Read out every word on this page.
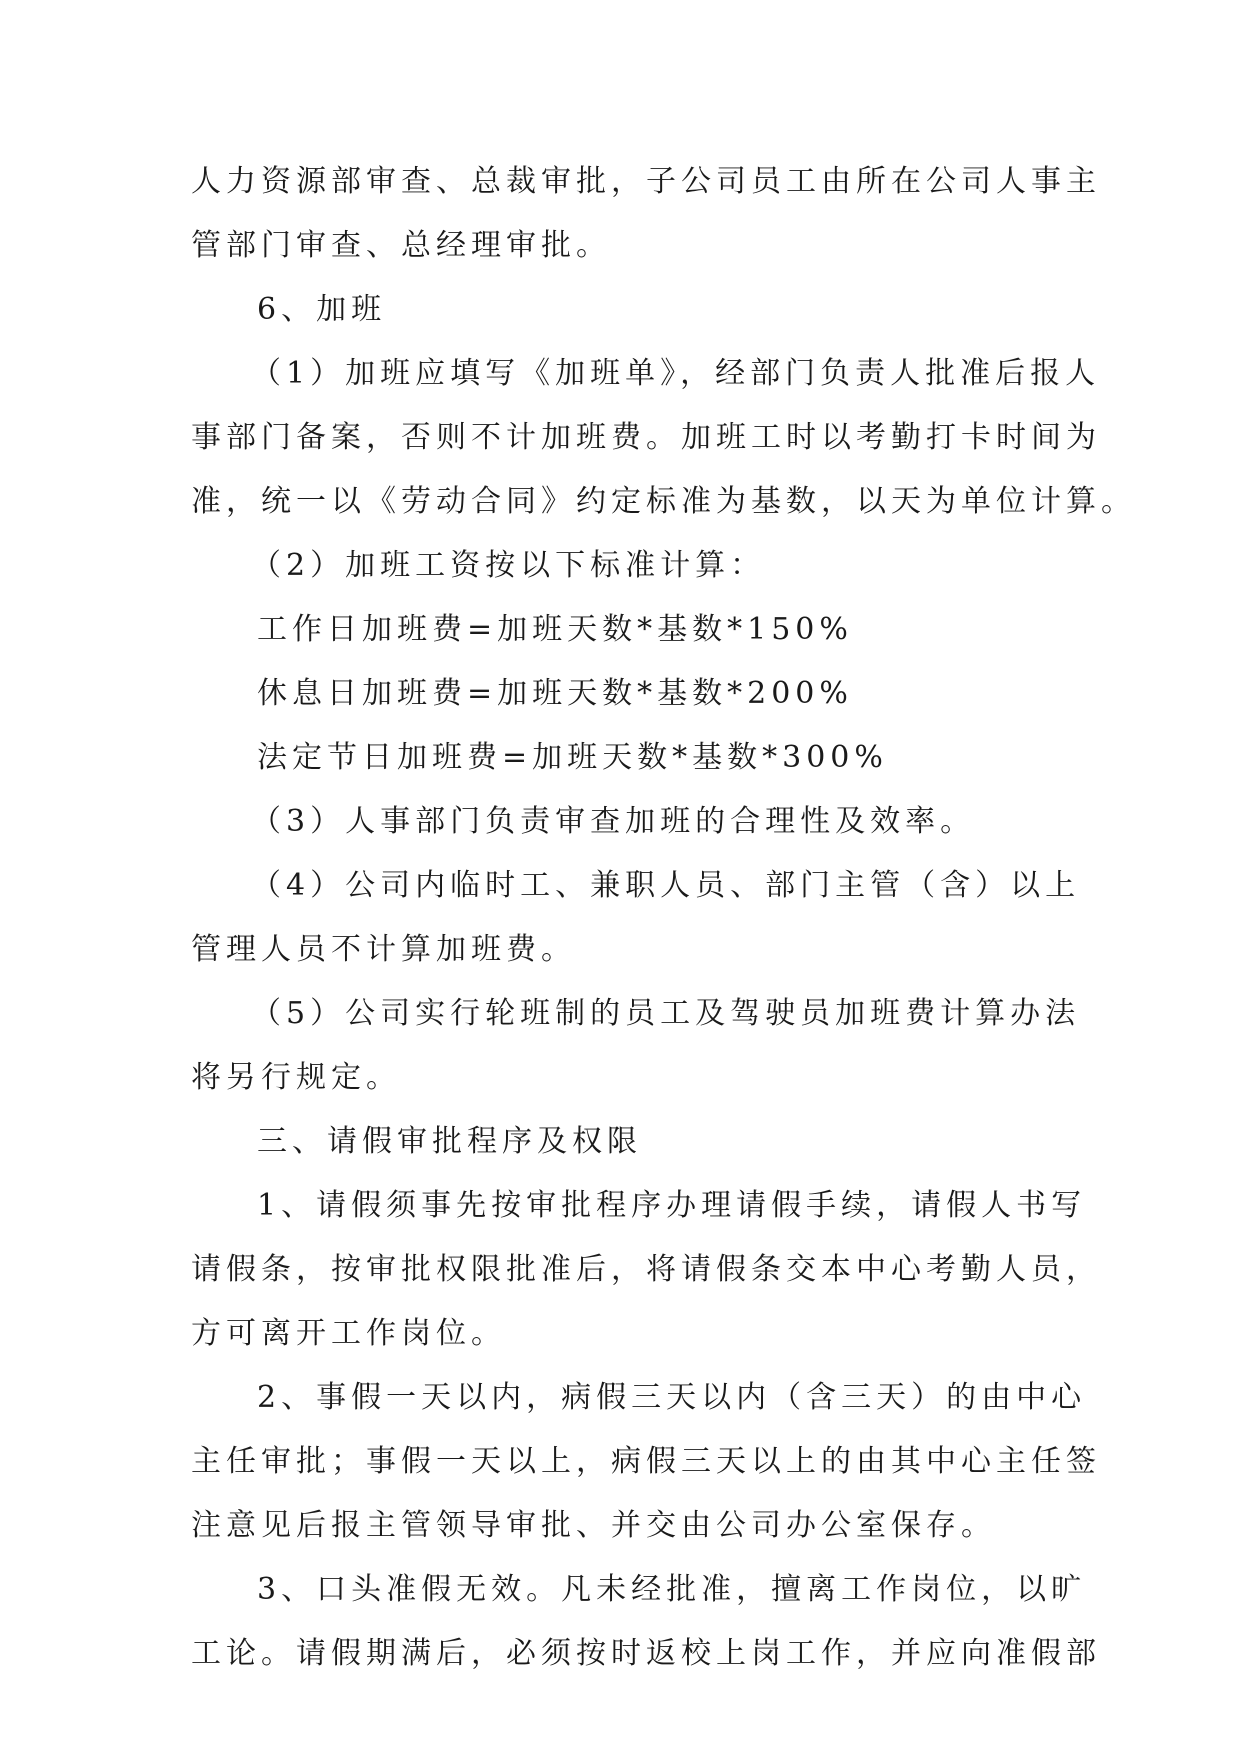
人力资源部审查、总裁审批，子公司员工由所在公司人事主
管部门审查、总经理审批。
6、加班
（1）加班应填写《加班单》，经部门负责人批准后报人
事部门备案，否则不计加班费。加班工时以考勤打卡时间为
准，统一以《劳动合同》约定标准为基数，以天为单位计算。
（2）加班工资按以下标准计算：
工作日加班费=加班天数*基数*150%
休息日加班费=加班天数*基数*200%
法定节日加班费=加班天数*基数*300%
（3）人事部门负责审查加班的合理性及效率。
（4）公司内临时工、兼职人员、部门主管（含）以上
管理人员不计算加班费。
（5）公司实行轮班制的员工及驾驶员加班费计算办法
将另行规定。
三、请假审批程序及权限
1、请假须事先按审批程序办理请假手续，请假人书写
请假条，按审批权限批准后，将请假条交本中心考勤人员，
方可离开工作岗位。
2、事假一天以内，病假三天以内（含三天）的由中心
主任审批；事假一天以上，病假三天以上的由其中心主任签
注意见后报主管领导审批、并交由公司办公室保存。
3、口头准假无效。凡未经批准，擅离工作岗位，以旷
工论。请假期满后，必须按时返校上岗工作，并应向准假部
